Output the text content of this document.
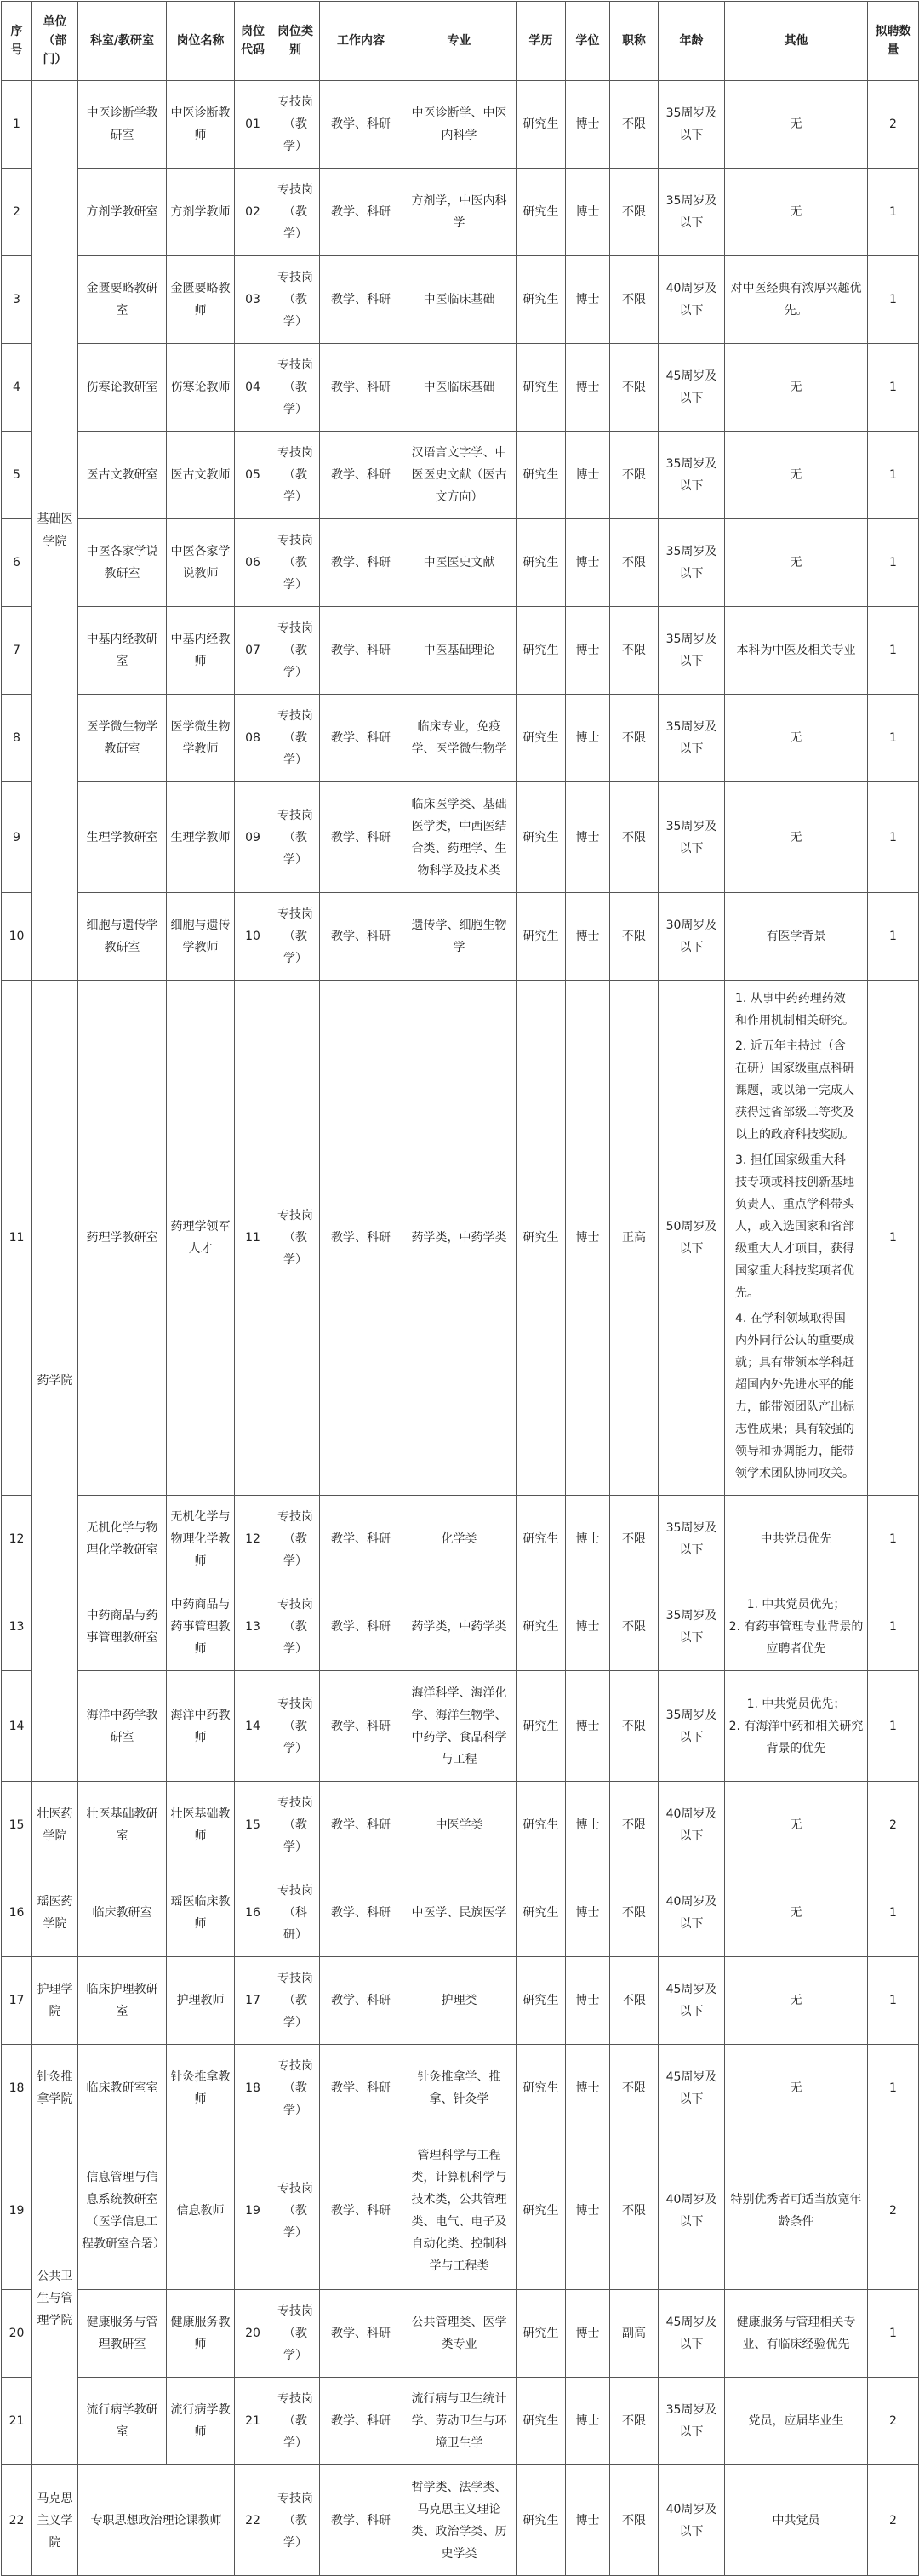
序号	单位（部门）	科室/教研室	岗位名称	岗位代码	岗位类别	工作内容	专业	学历	学位	职称	年龄	其他	拟聘数量
1	基础医学院	中医诊断学教研室	中医诊断教师	01	专技岗（教学）	教学、科研	中医诊断学、中医内科学	研究生	博士	不限	35周岁及以下	无	2
2		方剂学教研室	方剂学教师	02	专技岗（教学）	教学、科研	方剂学，中医内科学	研究生	博士	不限	35周岁及以下	无	1
3		金匮要略教研室	金匮要略教师	03	专技岗（教学）	教学、科研	中医临床基础	研究生	博士	不限	40周岁及以下	对中医经典有浓厚兴趣优先。	1
4		伤寒论教研室	伤寒论教师	04	专技岗（教学）	教学、科研	中医临床基础	研究生	博士	不限	45周岁及以下	无	1
5		医古文教研室	医古文教师	05	专技岗（教学）	教学、科研	汉语言文字学、中医医史文献（医古文方向）	研究生	博士	不限	35周岁及以下	无	1
6		中医各家学说教研室	中医各家学说教师	06	专技岗（教学）	教学、科研	中医医史文献	研究生	博士	不限	35周岁及以下	无	1
7		中基内经教研室	中基内经教师	07	专技岗（教学）	教学、科研	中医基础理论	研究生	博士	不限	35周岁及以下	本科为中医及相关专业	1
8		医学微生物学教研室	医学微生物学教师	08	专技岗（教学）	教学、科研	临床专业，免疫学、医学微生物学	研究生	博士	不限	35周岁及以下	无	1
9		生理学教研室	生理学教师	09	专技岗（教学）	教学、科研	临床医学类、基础医学类，中西医结合类、药理学、生物科学及技术类	研究生	博士	不限	35周岁及以下	无	1
10		细胞与遗传学教研室	细胞与遗传学教师	10	专技岗（教学）	教学、科研	遗传学、细胞生物学	研究生	博士	不限	30周岁及以下	有医学背景	1
11	药学院	药理学教研室	药理学领军人才	11	专技岗（教学）	教学、科研	药学类，中药学类	研究生	博士	正高	50周岁及以下	1. 从事中药药理药效和作用机制相关研究。
2. 近五年主持过（含在研）国家级重点科研课题，或以第一完成人获得过省部级二等奖及以上的政府科技奖励。
3. 担任国家级重大科技专项或科技创新基地负责人、重点学科带头人，或入选国家和省部级重大人才项目，获得国家重大科技奖项者优先。
4. 在学科领域取得国内外同行公认的重要成就；具有带领本学科赶超国内外先进水平的能力，能带领团队产出标志性成果；具有较强的领导和协调能力，能带领学术团队协同攻关。	1
12		无机化学与物理化学教研室	无机化学与物理化学教师	12	专技岗（教学）	教学、科研	化学类	研究生	博士	不限	35周岁及以下	中共党员优先	1
13		中药商品与药事管理教研室	中药商品与药事管理教师	13	专技岗（教学）	教学、科研	药学类，中药学类	研究生	博士	不限	35周岁及以下	1. 中共党员优先；
2. 有药事管理专业背景的应聘者优先	1
14		海洋中药学教研室	海洋中药教师	14	专技岗（教学）	教学、科研	海洋科学、海洋化学、海洋生物学、中药学、食品科学与工程	研究生	博士	不限	35周岁及以下	1. 中共党员优先；
2. 有海洋中药和相关研究背景的优先	1
15	壮医药学院	壮医基础教研室	壮医基础教师	15	专技岗（教学）	教学、科研	中医学类	研究生	博士	不限	40周岁及以下	无	2
16	瑶医药学院	临床教研室	瑶医临床教师	16	专技岗（科研）	教学、科研	中医学、民族医学	研究生	博士	不限	40周岁及以下	无	1
17	护理学院	临床护理教研室	护理教师	17	专技岗（教学）	教学、科研	护理类	研究生	博士	不限	45周岁及以下	无	1
18	针灸推拿学院	临床教研室室	针灸推拿教师	18	专技岗（教学）	教学、科研	针灸推拿学、推拿、针灸学	研究生	博士	不限	45周岁及以下	无	1
19	公共卫生与管理学院	信息管理与信息系统教研室（医学信息工程教研室合署）	信息教师	19	专技岗（教学）	教学、科研	管理科学与工程类，计算机科学与技术类，公共管理类、电气、电子及自动化类、控制科学与工程类	研究生	博士	不限	40周岁及以下	特别优秀者可适当放宽年龄条件	2
20		健康服务与管理教研室	健康服务教师	20	专技岗（教学）	教学、科研	公共管理类、医学类专业	研究生	博士	副高	45周岁及以下	健康服务与管理相关专业、有临床经验优先	1
21		流行病学教研室	流行病学教师	21	专技岗（教学）	教学、科研	流行病与卫生统计学、劳动卫生与环境卫生学	研究生	博士	不限	35周岁及以下	党员，应届毕业生	2
22	马克思主义学院	专职思想政治理论课教师		22	专技岗（教学）	教学、科研	哲学类、法学类、马克思主义理论类、政治学类、历史学类	研究生	博士	不限	40周岁及以下	中共党员	2
